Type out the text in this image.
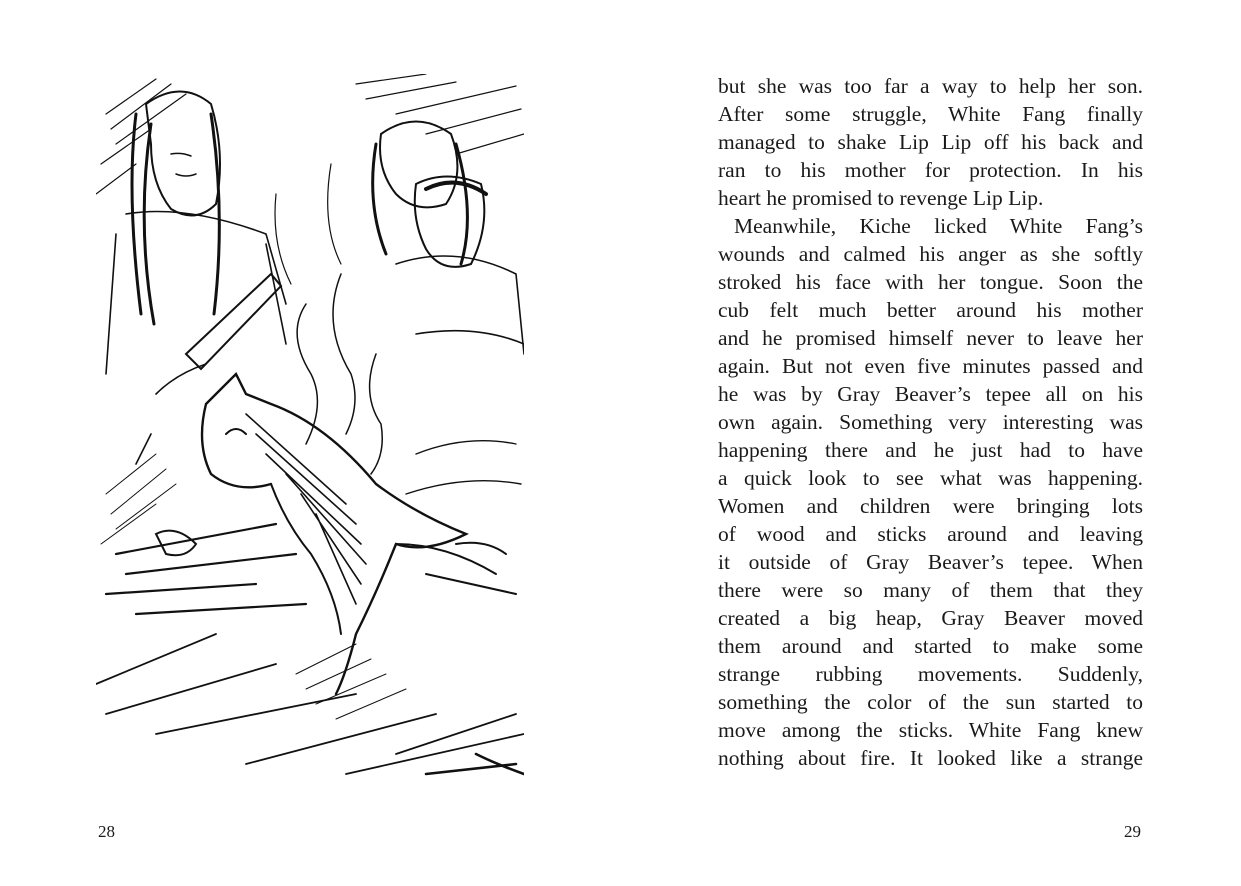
but she was too far a way to help her son.
After some struggle, White Fang finally
managed to shake Lip Lip off his back and
ran to his mother for protection. In his
heart he promised to revenge Lip Lip.
Meanwhile, Kiche licked White Fang’s
wounds and calmed his anger as she softly
stroked his face with her tongue. Soon the
cub felt much better around his mother
and he promised himself never to leave her
again. But not even five minutes passed and
he was by Gray Beaver’s tepee all on his
own again. Something very interesting was
happening there and he just had to have
a quick look to see what was happening.
Women and children were bringing lots
of wood and sticks around and leaving
it outside of Gray Beaver’s tepee. When
there were so many of them that they
created a big heap, Gray Beaver moved
them around and started to make some
strange rubbing movements. Suddenly,
something the color of the sun started to
move among the sticks. White Fang knew
nothing about fire. It looked like a strange
28	29
